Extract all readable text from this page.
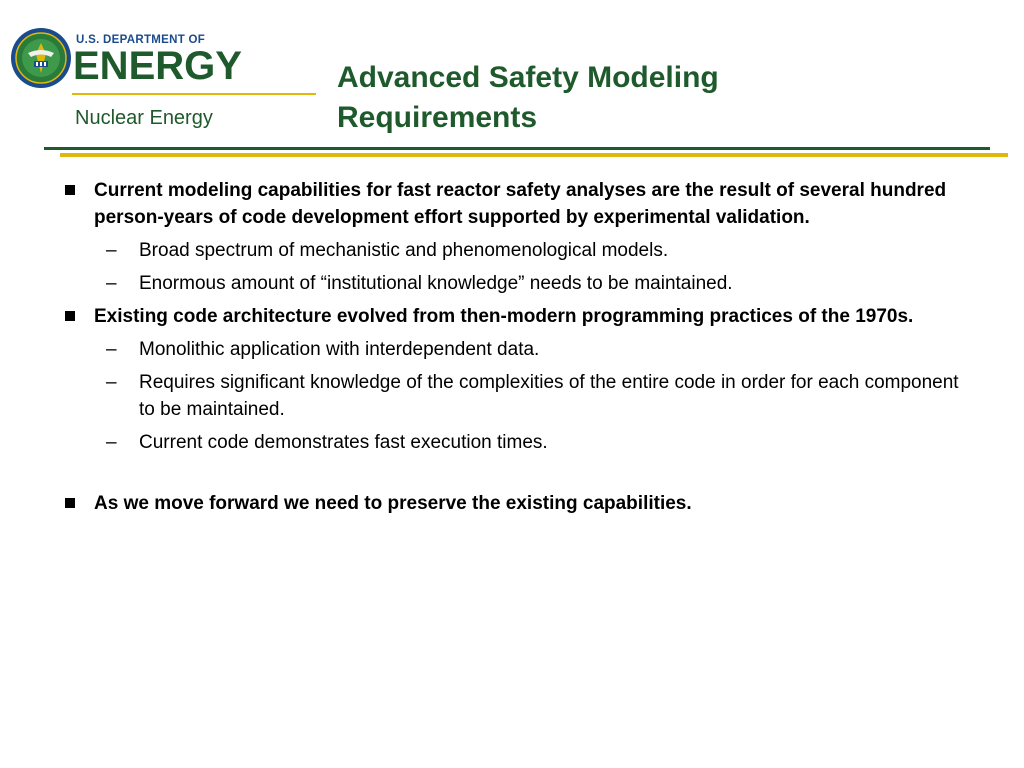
U.S. DEPARTMENT OF
ENERGY
Nuclear Energy
Advanced Safety Modeling
Requirements
Current modeling capabilities for fast reactor safety analyses are the result of several hundred person-years of code development effort supported by experimental validation.
– Broad spectrum of mechanistic and phenomenological models.
– Enormous amount of “institutional knowledge” needs to be maintained.
Existing code architecture evolved from then-modern programming practices of the 1970s.
– Monolithic application with interdependent data.
– Requires significant knowledge of the complexities of the entire code in order for each component to be maintained.
– Current code demonstrates fast execution times.
As we move forward we need to preserve the existing capabilities.
